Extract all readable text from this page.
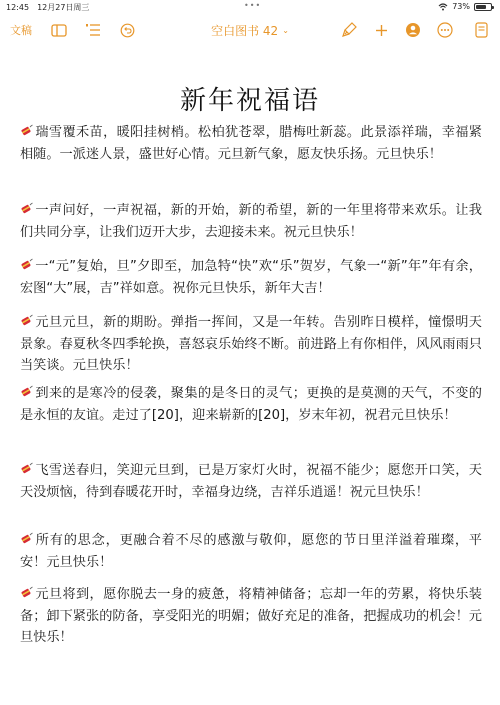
12:45 12月27日周三	•••	73%
文稿	空白图书 42 ⌄
新年祝福语
瑞雪覆禾苗，暖阳挂树梢。松柏犹苍翠，腊梅吐新蕊。此景添祥瑞，幸福紧相随。一派迷人景，盛世好心情。元旦新气象，愿友快乐扬。元旦快乐！
一声问好，一声祝福，新的开始，新的希望，新的一年里将带来欢乐。让我们共同分享，让我们迈开大步，去迎接未来。祝元旦快乐！
一“元”复始，旦”夕即至，加急特“快”欢“乐”贺岁，气象一“新”年”年有余，宏图“大”展，吉”祥如意。祝你元旦快乐，新年大吉！
元旦元旦，新的期盼。弹指一挥间，又是一年转。告别昨日模样，憧憬明天景象。春夏秋冬四季轮换，喜怒哀乐始终不断。前进路上有你相伴，风风雨雨只当笑谈。元旦快乐！
到来的是寒冷的侵袭，聚集的是冬日的灵气；更换的是莫测的天气，不变的是永恒的友谊。走过了[20]，迎来崭新的[20]，岁末年初，祝君元旦快乐！
飞雪送春归，笑迎元旦到，已是万家灯火时，祝福不能少；愿您开口笑，天天没烦恼，待到春暖花开时，幸福身边绕，吉祥乐逍遥！祝元旦快乐！
所有的思念，更融合着不尽的感激与敬仰，愿您的节日里洋溢着璀璨，平安！元旦快乐！
元旦将到，愿你脱去一身的疲惫，将精神储备；忘却一年的劳累，将快乐装备；卸下紧张的防备，享受阳光的明媚；做好充足的准备，把握成功的机会！元旦快乐！
